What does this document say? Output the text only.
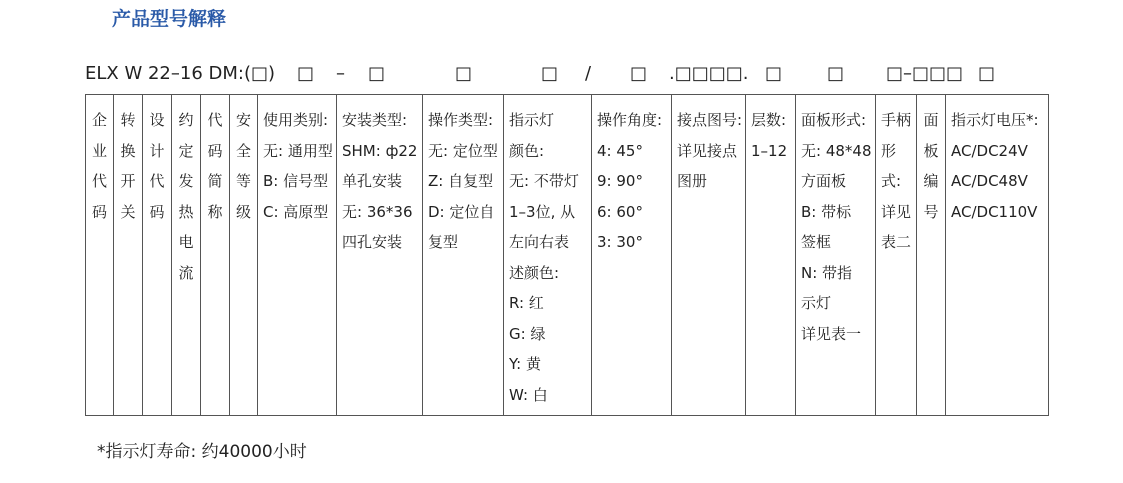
产品型号解释
ELX W 22–16 DM:(□) □ – □	□	□ / □ .□□□□. □ □ □–□□□ □
企
业
代
码

转
换
开
关

设
计
代
码

约
定
发
热
电
流

代
码
简
称

安
全
等
级

使用类别:
无: 通用型
B: 信号型
C: 高原型

安装类型:
SHM: ф22
单孔安装
无: 36*36
四孔安装

操作类型:
无: 定位型
Z: 自复型
D: 定位自
复型

指示灯
颜色:
无: 不带灯
1–3位, 从
左向右表
述颜色:
R: 红
G: 绿
Y: 黄
W: 白

操作角度:
4: 45°
9: 90°
6: 60°
3: 30°

接点图号:
详见接点
图册

层数:
1–12

面板形式:
无: 48*48
方面板
B: 带标
签框
N: 带指
示灯
详见表一

手柄
形式:
详见
表二

面
板
编
号

指示灯电压*:
AC/DC24V
AC/DC48V
AC/DC110V
*指示灯寿命: 约40000小时
